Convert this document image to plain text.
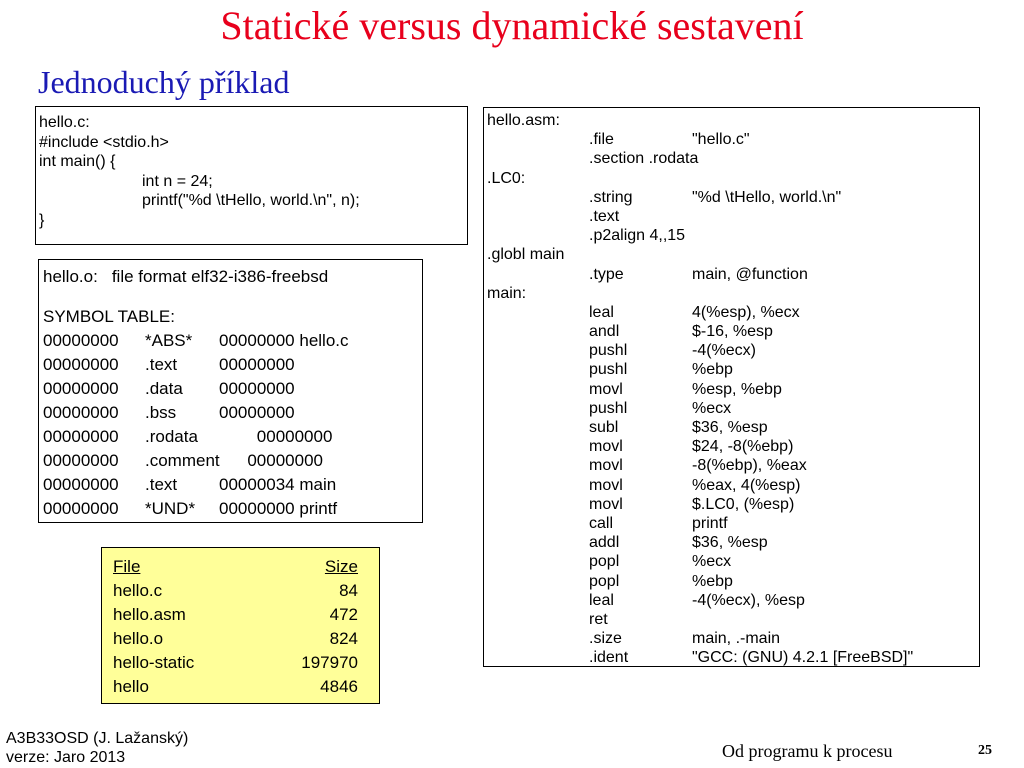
Statické versus dynamické sestavení
Jednoduchý příklad
hello.c:
#include <stdio.h>
int main() {
int n = 24;
printf("%d \tHello, world.\n", n);
}
hello.o: file format elf32-i386-freebsd
SYMBOL TABLE:
00000000 *ABS* 00000000 hello.c
00000000 .text 00000000
00000000 .data 00000000
00000000 .bss	00000000
00000000 .rodata 00000000
00000000 .comment 00000000
00000000 .text 00000034 main
00000000 *UND* 00000000 printf
File	Size
hello.c	84
hello.asm	472
hello.o	824
hello-static	197970
hello	4846
hello.asm:
.file	"hello.c"
.section .rodata
.LC0:
.string	"%d \tHello, world.\n"
.text
.p2align 4,,15
.globl main
.type	main, @function
main:
leal	4(%esp), %ecx
andl	$-16, %esp
pushl	-4(%ecx)
pushl	%ebp
movl	%esp, %ebp
pushl	%ecx
subl	$36, %esp
movl	$24, -8(%ebp)
movl	-8(%ebp), %eax
movl	%eax, 4(%esp)
movl	$.LC0, (%esp)
call	printf
addl	$36, %esp
popl	%ecx
popl	%ebp
leal	-4(%ecx), %esp
ret
.size	main, .-main
.ident	"GCC: (GNU) 4.2.1 [FreeBSD]"
A3B33OSD (J. Lažanský)
verze: Jaro 2013	Od programu k procesu	25
